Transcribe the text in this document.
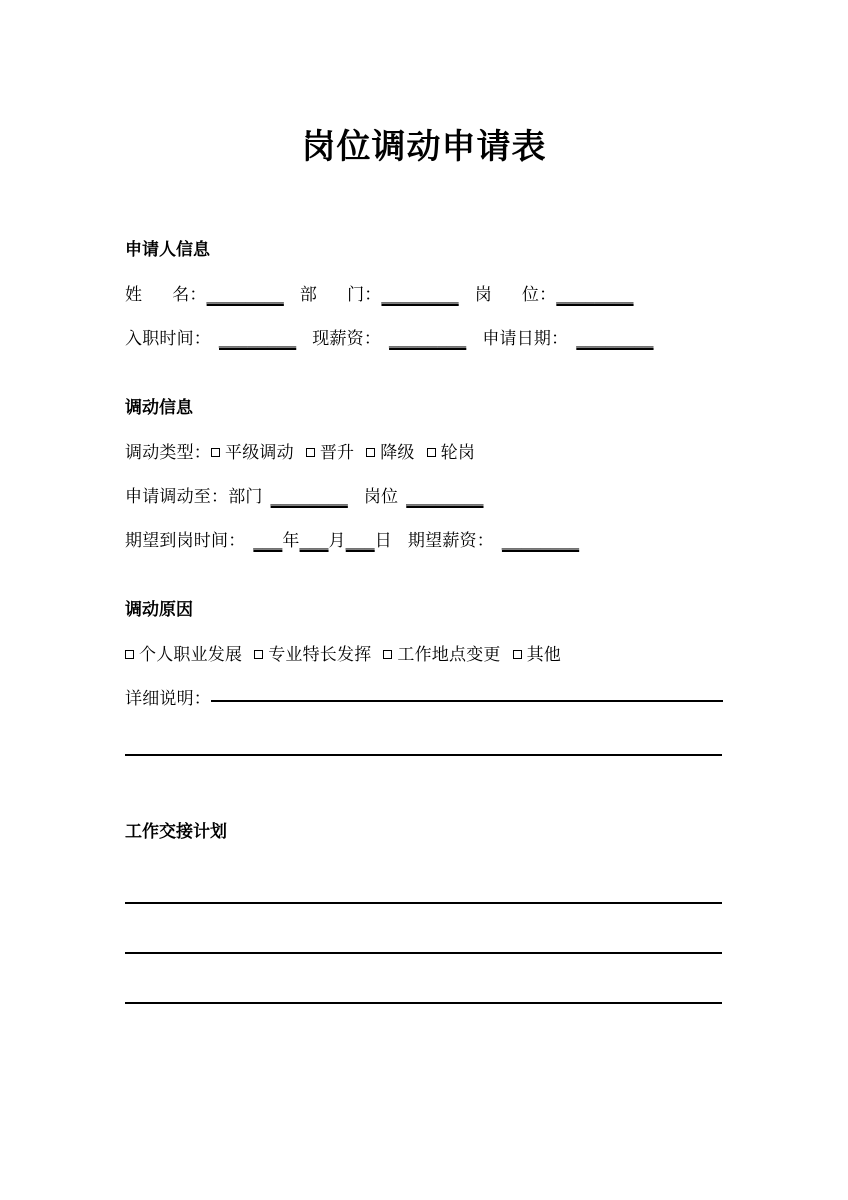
岗位调动申请表
申请人信息
姓 名：________ 部 门：________ 岗 位：________
入职时间： ________ 现薪资： ________ 申请日期： ________
调动信息
调动类型： 平级调动 晋升 降级 轮岗
申请调动至：部门 ________ 岗位 ________
期望到岗时间： ___年___月___日 期望薪资： ________
调动原因
个人职业发展 专业特长发挥 工作地点变更 其他
详细说明：
工作交接计划
